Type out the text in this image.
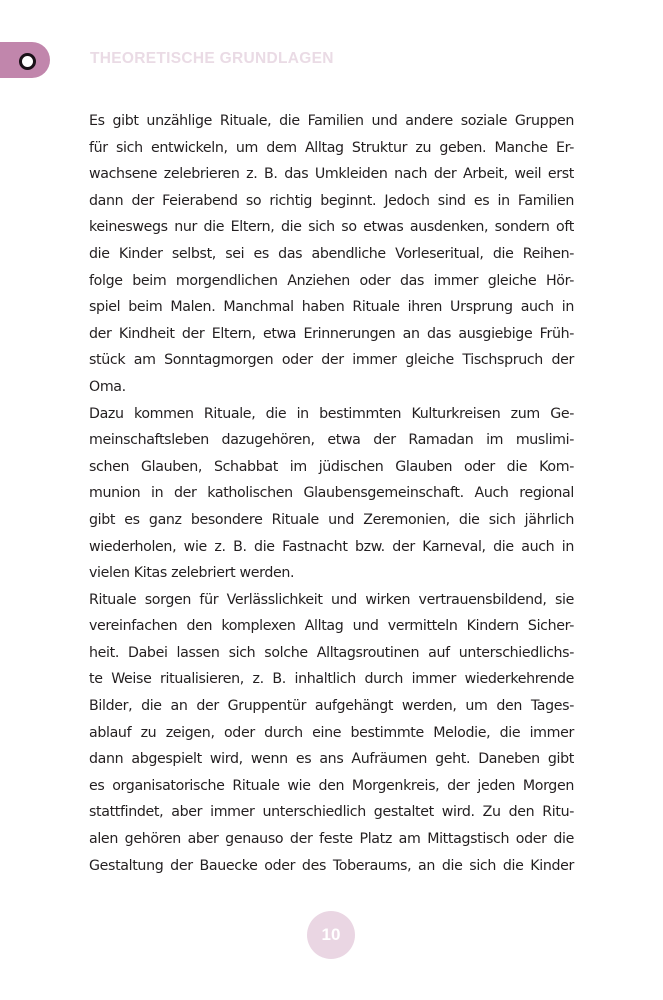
THEORETISCHE GRUNDLAGEN
Es gibt unzählige Rituale, die Familien und andere soziale Gruppen
für sich entwickeln, um dem Alltag Struktur zu geben. Manche Er-
wachsene zelebrieren z. B. das Umkleiden nach der Arbeit, weil erst
dann der Feierabend so richtig beginnt. Jedoch sind es in Familien
keineswegs nur die Eltern, die sich so etwas ausdenken, sondern oft
die Kinder selbst, sei es das abendliche Vorleseritual, die Reihen-
folge beim morgendlichen Anziehen oder das immer gleiche Hör-
spiel beim Malen. Manchmal haben Rituale ihren Ursprung auch in
der Kindheit der Eltern, etwa Erinnerungen an das ausgiebige Früh-
stück am Sonntagmorgen oder der immer gleiche Tischspruch der
Oma.
Dazu kommen Rituale, die in bestimmten Kulturkreisen zum Ge-
meinschaftsleben dazugehören, etwa der Ramadan im muslimi-
schen Glauben, Schabbat im jüdischen Glauben oder die Kom-
munion in der katholischen Glaubensgemeinschaft. Auch regional
gibt es ganz besondere Rituale und Zeremonien, die sich jährlich
wiederholen, wie z. B. die Fastnacht bzw. der Karneval, die auch in
vielen Kitas zelebriert werden.
Rituale sorgen für Verlässlichkeit und wirken vertrauensbildend, sie
vereinfachen den komplexen Alltag und vermitteln Kindern Sicher-
heit. Dabei lassen sich solche Alltagsroutinen auf unterschiedlichs-
te Weise ritualisieren, z. B. inhaltlich durch immer wiederkehrende
Bilder, die an der Gruppentür aufgehängt werden, um den Tages-
ablauf zu zeigen, oder durch eine bestimmte Melodie, die immer
dann abgespielt wird, wenn es ans Aufräumen geht. Daneben gibt
es organisatorische Rituale wie den Morgenkreis, der jeden Morgen
stattfindet, aber immer unterschiedlich gestaltet wird. Zu den Ritu-
alen gehören aber genauso der feste Platz am Mittagstisch oder die
Gestaltung der Bauecke oder des Toberaums, an die sich die Kinder
10
